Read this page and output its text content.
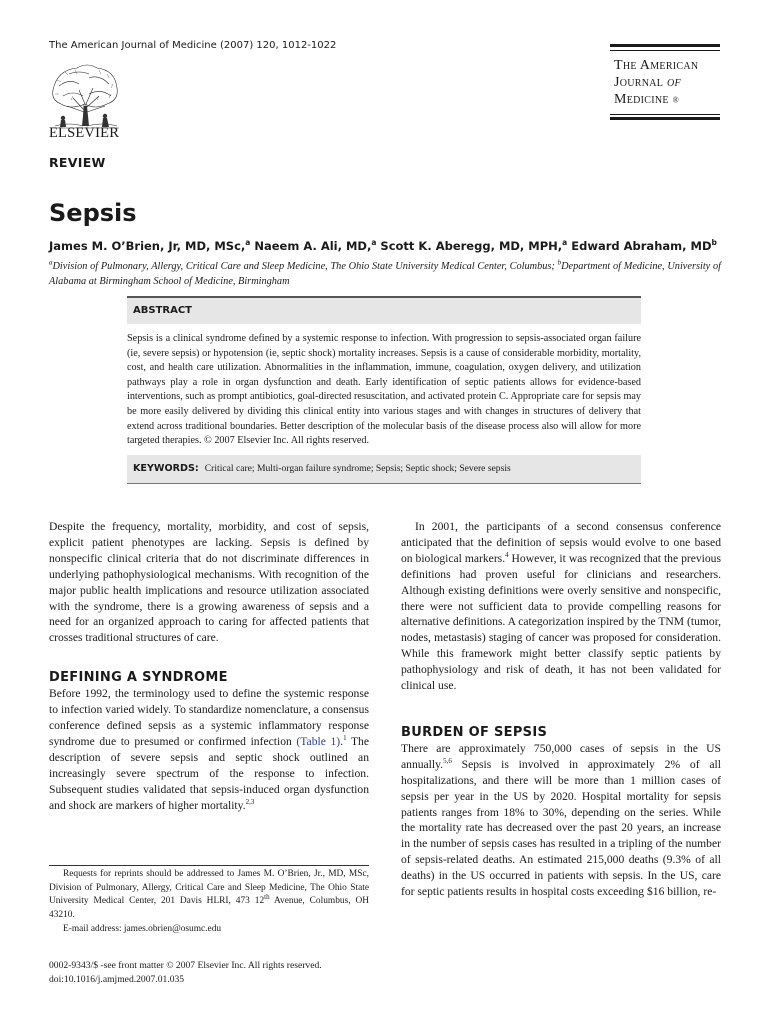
The American Journal of Medicine (2007) 120, 1012-1022
ELSEVIER
The American
Journal of
Medicine ®
REVIEW
Sepsis
James M. O’Brien, Jr, MD, MSc,$^a$ Naeem A. Ali, MD,$^a$ Scott K. Aberegg, MD, MPH,$^a$ Edward Abraham, $MD^b$
$^a$Division of Pulmonary, Allergy, Critical Care and Sleep Medicine, The Ohio State University Medical Center, Columbus; $^b$Department of Medicine, University of Alabama at Birmingham School of Medicine, Birmingham
ABSTRACT
Sepsis is a clinical syndrome defined by a systemic response to infection. With progression to sepsis-associated organ failure (ie, severe sepsis) or hypotension (ie, septic shock) mortality increases. Sepsis is a cause of considerable morbidity, mortality, cost, and health care utilization. Abnormalities in the inflammation, immune, coagulation, oxygen delivery, and utilization pathways play a role in organ dysfunction and death. Early identification of septic patients allows for evidence-based interventions, such as prompt antibiotics, goal-directed resuscitation, and activated protein C. Appropriate care for sepsis may be more easily delivered by dividing this clinical entity into various stages and with changes in structures of delivery that extend across traditional boundaries. Better description of the molecular basis of the disease process also will allow for more targeted therapies. © 2007 Elsevier Inc. All rights reserved.
KEYWORDS: Critical care; Multi-organ failure syndrome; Sepsis; Septic shock; Severe sepsis

Despite the frequency, mortality, morbidity, and cost of sepsis, explicit patient phenotypes are lacking. Sepsis is defined by nonspecific clinical criteria that do not discriminate differences in underlying pathophysiological mechanisms. With recognition of the major public health implications and resource utilization associated with the syndrome, there is a growing awareness of sepsis and a need for an organized approach to caring for affected patients that crosses traditional structures of care.

DEFINING A SYNDROME

Before 1992, the terminology used to define the systemic response to infection varied widely. To standardize nomenclature, a consensus conference defined sepsis as a systemic inflammatory response syndrome due to presumed or confirmed infection (Table 1).$^1$ The description of severe sepsis and septic shock outlined an increasingly severe spectrum of the response to infection. Subsequent studies validated that sepsis-induced organ dysfunction and shock are markers of higher mortality.$^{2,3}$

In 2001, the participants of a second consensus conference anticipated that the definition of sepsis would evolve to one based on biological markers.$^4$ However, it was recognized that the previous definitions had proven useful for clinicians and researchers. Although existing definitions were overly sensitive and nonspecific, there were not sufficient data to provide compelling reasons for alternative definitions. A categorization inspired by the TNM (tumor, nodes, metastasis) staging of cancer was proposed for consideration. While this framework might better classify septic patients by pathophysiology and risk of death, it has not been validated for clinical use.

BURDEN OF SEPSIS

There are approximately 750,000 cases of sepsis in the US annually.$^{5,6}$ Sepsis is involved in approximately 2% of all hospitalizations, and there will be more than 1 million cases of sepsis per year in the US by 2020. Hospital mortality for sepsis patients ranges from 18% to 30%, depending on the series. While the mortality rate has decreased over the past 20 years, an increase in the number of sepsis cases has resulted in a tripling of the number of sepsis-related deaths. An estimated 215,000 deaths (9.3% of all deaths) in the US occurred in patients with sepsis. In the US, care for septic patients results in hospital costs exceeding $16 billion, re-

Requests for reprints should be addressed to James M. O’Brien, Jr., MD, MSc, Division of Pulmonary, Allergy, Critical Care and Sleep Medicine, The Ohio State University Medical Center, 201 Davis HLRI, 473 12th Avenue, Columbus, OH 43210.

E-mail address: james.obrien@osumc.edu

0002-9343/$ -see front matter © 2007 Elsevier Inc. All rights reserved.
doi:10.1016/j.amjmed.2007.01.035
